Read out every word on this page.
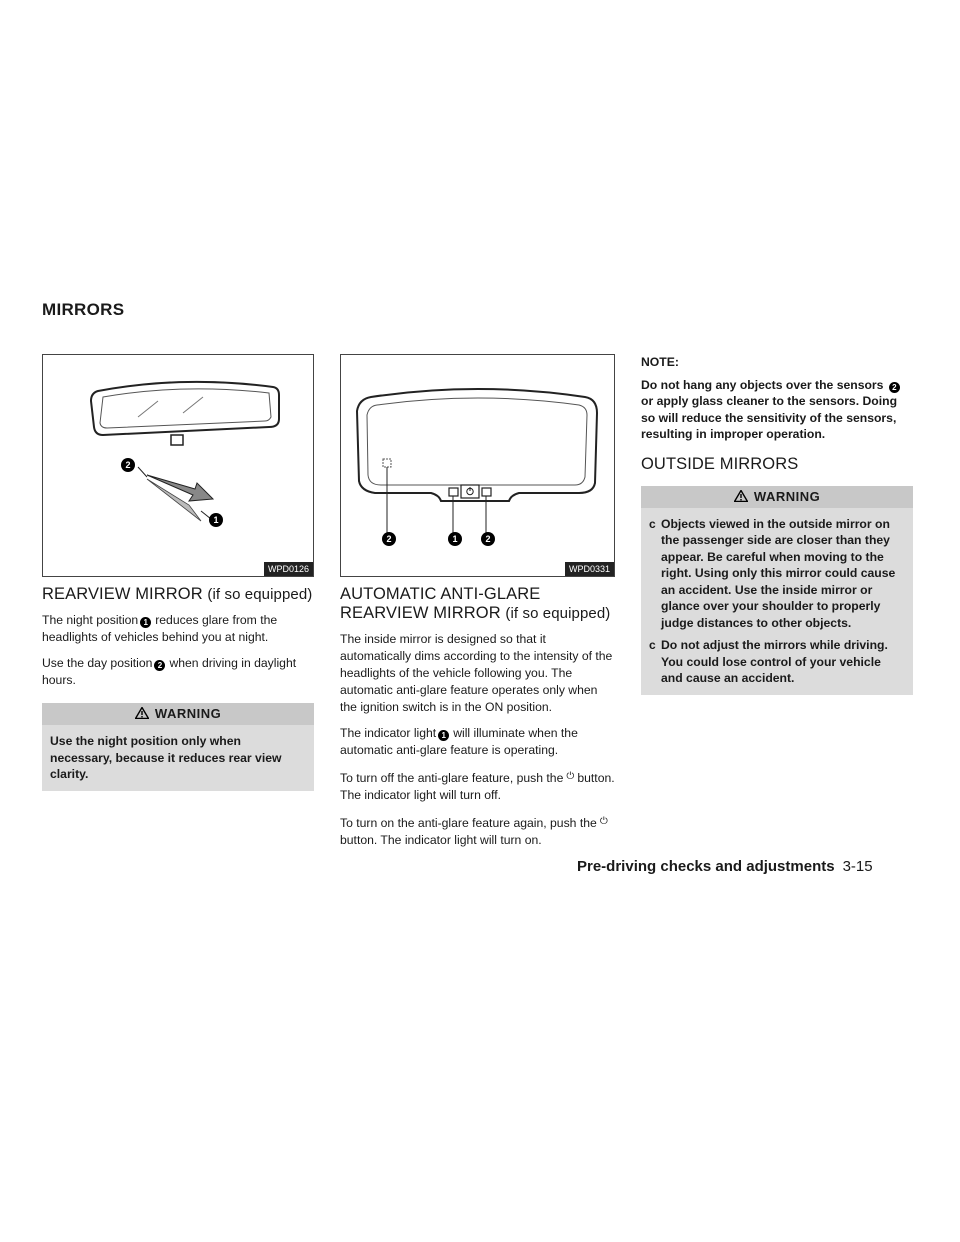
MIRRORS
2
1
WPD0126
REARVIEW MIRROR (if so equipped)

The night position 1 reduces glare from the headlights of vehicles behind you at night.

Use the day position 2 when driving in daylight hours.

WARNING
Use the night position only when necessary, because it reduces rear view clarity.
2	1	2
WPD0331
AUTOMATIC ANTI-GLARE
REARVIEW MIRROR (if so equipped)

The inside mirror is designed so that it automatically dims according to the intensity of the headlights of the vehicle following you. The automatic anti-glare feature operates only when the ignition switch is in the ON position.

The indicator light 1 will illuminate when the automatic anti-glare feature is operating.

To turn off the anti-glare feature, push the ⏻ button. The indicator light will turn off.

To turn on the anti-glare feature again, push the ⏻button. The indicator light will turn on.

NOTE:
Do not hang any objects over the sensors 2or apply glass cleaner to the sensors. Doing so will reduce the sensitivity of the sensors, resulting in improper operation.
OUTSIDE MIRRORS
WARNING
c Objects viewed in the outside mirror on the passenger side are closer than they appear. Be careful when moving to the right. Using only this mirror could cause an accident. Use the inside mirror or glance over your shoulder to properly judge distances to other objects.
c Do not adjust the mirrors while driving. You could lose control of your vehicle and cause an accident.
Pre-driving checks and adjustments 3-15
